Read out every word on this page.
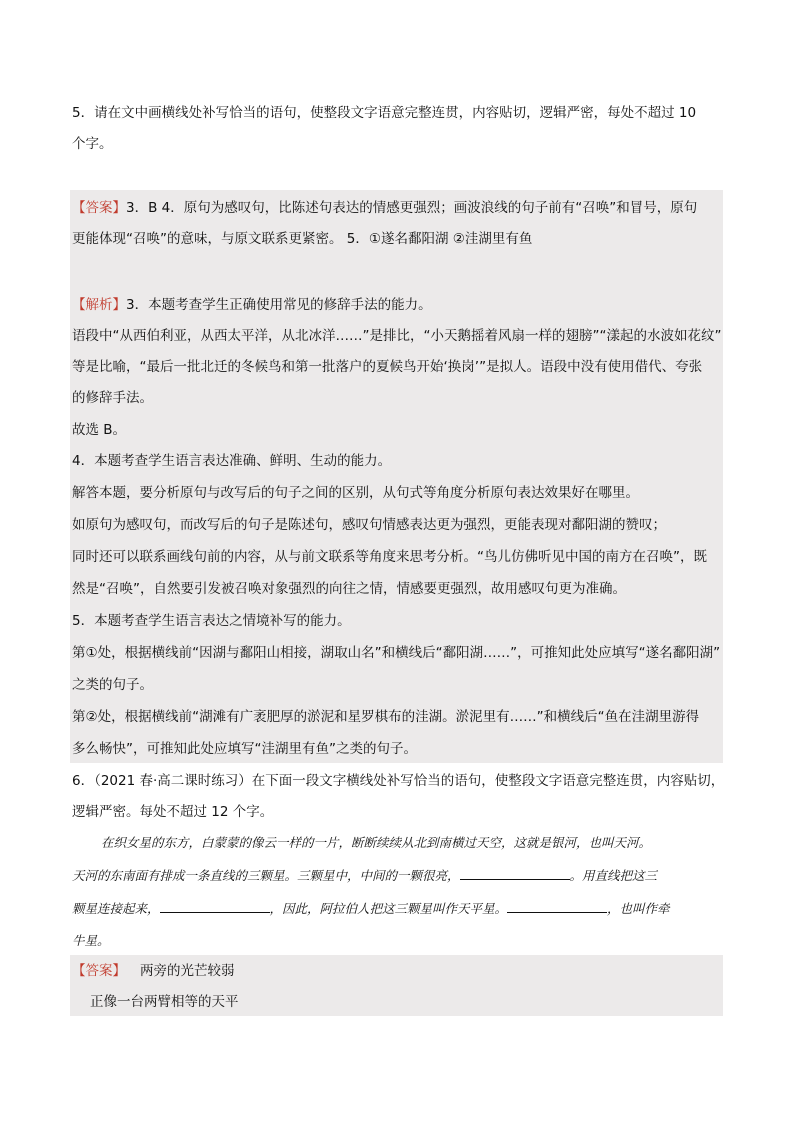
5．请在文中画横线处补写恰当的语句，使整段文字语意完整连贯，内容贴切，逻辑严密，每处不超过 10
个字。
【答案】3．B 4．原句为感叹句，比陈述句表达的情感更强烈；画波浪线的句子前有“召唤”和冒号，原句
更能体现“召唤”的意味，与原文联系更紧密。 5．①遂名鄱阳湖 ②洼湖里有鱼
【解析】3．本题考查学生正确使用常见的修辞手法的能力。
语段中“从西伯利亚，从西太平洋，从北冰洋……”是排比，“小天鹅摇着风扇一样的翅膀”“漾起的水波如花纹”
等是比喻，“最后一批北迁的冬候鸟和第一批落户的夏候鸟开始‘换岗’”是拟人。语段中没有使用借代、夸张
的修辞手法。
故选 B。
4．本题考查学生语言表达准确、鲜明、生动的能力。
解答本题，要分析原句与改写后的句子之间的区别，从句式等角度分析原句表达效果好在哪里。
如原句为感叹句，而改写后的句子是陈述句，感叹句情感表达更为强烈，更能表现对鄱阳湖的赞叹；
同时还可以联系画线句前的内容，从与前文联系等角度来思考分析。“鸟儿仿佛听见中国的南方在召唤”，既
然是“召唤”，自然要引发被召唤对象强烈的向往之情，情感要更强烈，故用感叹句更为准确。
5．本题考查学生语言表达之情境补写的能力。
第①处，根据横线前“因湖与鄱阳山相接，湖取山名”和横线后“鄱阳湖……”，可推知此处应填写“遂名鄱阳湖”
之类的句子。
第②处，根据横线前“湖滩有广袤肥厚的淤泥和星罗棋布的洼湖。淤泥里有……”和横线后“鱼在洼湖里游得
多么畅快”，可推知此处应填写“洼湖里有鱼”之类的句子。
6．（2021 春·高二课时练习）在下面一段文字横线处补写恰当的语句，使整段文字语意完整连贯，内容贴切，
逻辑严密。每处不超过 12 个字。
在织女星的东方，白蒙蒙的像云一样的一片，断断续续从北到南横过天空，这就是银河，也叫天河。
天河的东南面有排成一条直线的三颗星。三颗星中，中间的一颗很亮，	。用直线把这三
颗星连接起来，	，因此，阿拉伯人把这三颗星叫作天平星。	，也叫作牵
牛星。
【答案】 两旁的光芒较弱
正像一台两臂相等的天平
